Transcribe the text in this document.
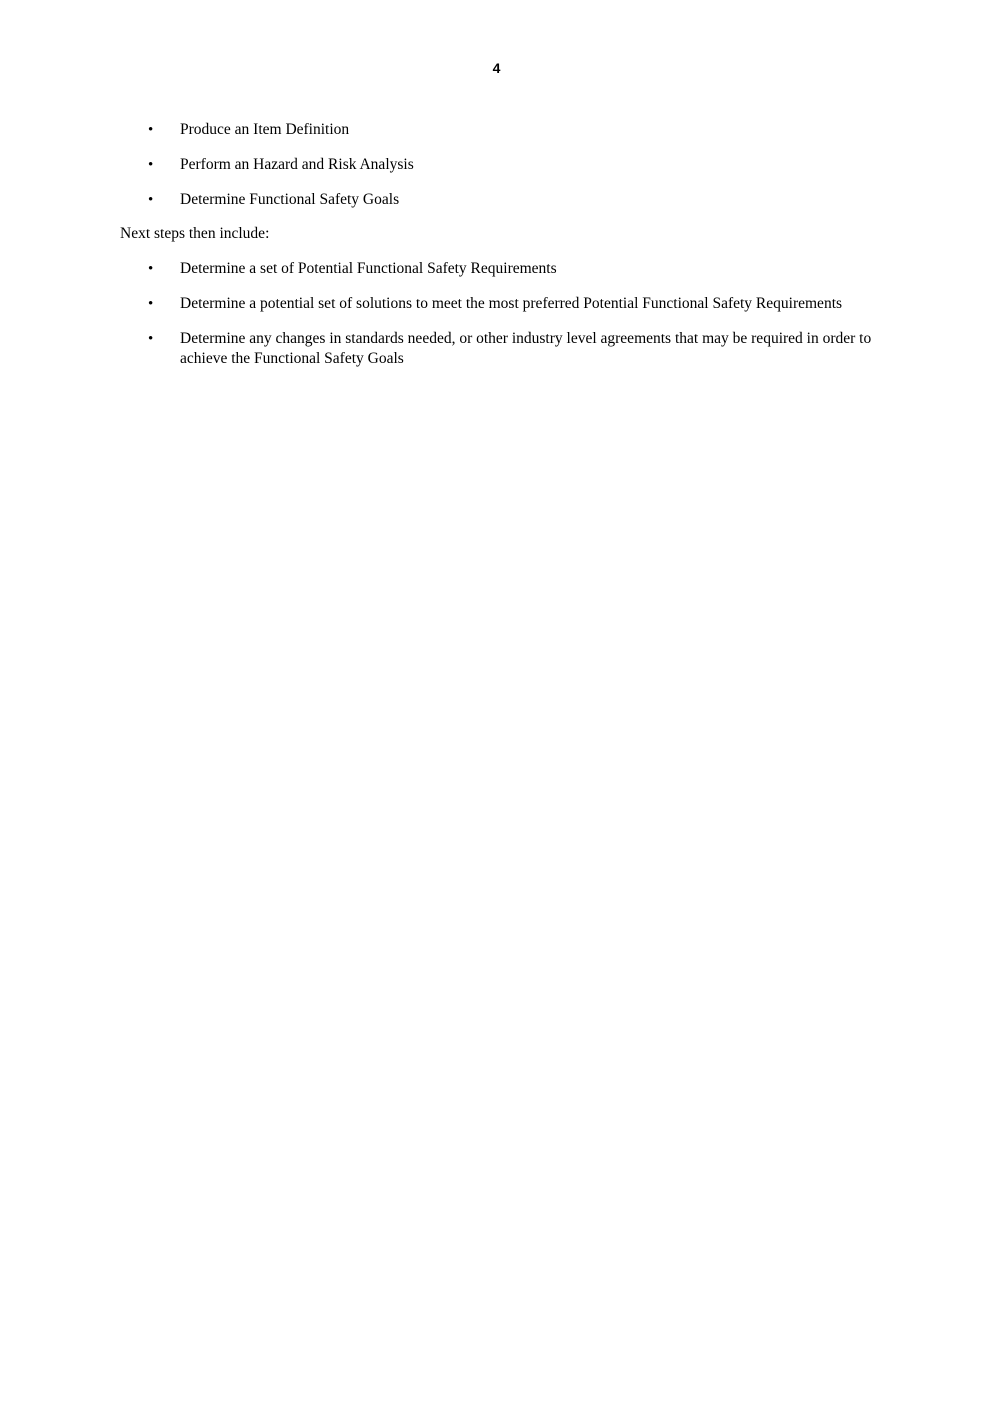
4
• Produce an Item Definition
• Perform an Hazard and Risk Analysis
• Determine Functional Safety Goals

Next steps then include:

• Determine a set of Potential Functional Safety Requirements
• Determine a potential set of solutions to meet the most preferred Potential Functional Safety Requirements
• Determine any changes in standards needed, or other industry level agreements that may be required in order to achieve the Functional Safety Goals
